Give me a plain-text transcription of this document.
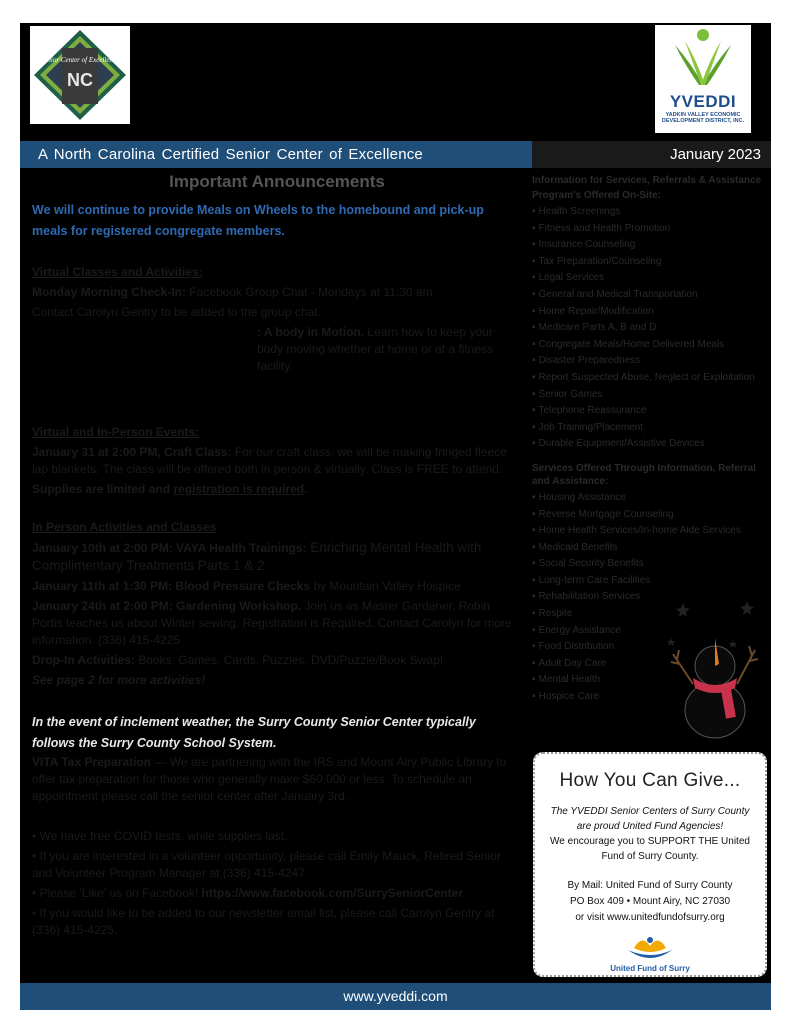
NC
Senior Center of Excellence
YVEDDI
YADKIN VALLEY ECONOMIC DEVELOPMENT DISTRICT, INC.
A North Carolina Certified Senior Center of Excellence	January 2023
Important Announcements
We will continue to provide Meals on Wheels to the homebound and pick-up meals for registered congregate members.
Virtual Classes and Activities:
Monday Morning Check-In: Facebook Group Chat - Mondays at 11:30 am
Contact Carolyn Gentry to be added to the group chat.
: A body in Motion. Learn how to keep your body moving whether at home or at a fitness facility.
Virtual and In-Person Events:
January 31 at 2:00 PM, Craft Class: For our craft class, we will be making fringed fleece lap blankets. The class will be offered both in person & virtually. Class is FREE to attend.
Supplies are limited and registration is required.
In Person Activities and Classes
January 10th at 2:00 PM: VAYA Health Trainings: Enriching Mental Health with Complimentary Treatments Parts 1 & 2
January 11th at 1:30 PM: Blood Pressure Checks by Mountain Valley Hospice
January 24th at 2:00 PM: Gardening Workshop. Join us as Master Gardener, Robin Portis teaches us about Winter sewing. Registration is Required. Contact Carolyn for more information. (336) 415-4225
Drop-In Activities: Books, Games, Cards, Puzzles, DVD/Puzzle/Book Swap!
See page 2 for more activities!
In the event of inclement weather, the Surry County Senior Center typically follows the Surry County School System.
VITA Tax Preparation — We are partnering with the IRS and Mount Airy Public Library to offer tax preparation for those who generally make $60,000 or less. To schedule an appointment please call the senior center after January 3rd.
• We have free COVID tests, while supplies last.
• If you are interested in a volunteer opportunity, please call Emily Mauck, Retired Senior and Volunteer Program Manager at (336) 415-4247.
• Please 'Like' us on Facebook! https://www.facebook.com/SurrySeniorCenter
• If you would like to be added to our newsletter email list, please call Carolyn Gentry at (336) 415-4225.
Information for Services, Referrals & Assistance
Program's Offered On-Site:
▪ Health Screenings
▪ Fitness and Health Promotion
▪ Insurance Counseling
▪ Tax Preparation/Counseling
▪ Legal Services
▪ General and Medical Transportation
▪ Home Repair/Modification
▪ Medicare Parts A, B and D
▪ Congregate Meals/Home Delivered Meals
▪ Disaster Preparedness
▪ Report Suspected Abuse, Neglect or Exploitation
▪ Senior Games
▪ Telephone Reassurance
▪ Job Training/Placement
▪ Durable Equipment/Assistive Devices
Services Offered Through Information, Referral and Assistance:
▪ Housing Assistance
▪ Reverse Mortgage Counseling
▪ Home Health Services/In-home Aide Services
▪ Medicaid Benefits
▪ Social Security Benefits
▪ Long-term Care Facilities
▪ Rehabilitation Services
▪ Respite
▪ Energy Assistance
▪ Food Distribution
▪ Adult Day Care
▪ Mental Health
▪ Hospice Care
How You Can Give...
The YVEDDI Senior Centers of Surry County are proud United Fund Agencies!
We encourage you to SUPPORT THE United Fund of Surry County.
By Mail: United Fund of Surry County
PO Box 409 • Mount Airy, NC 27030
or visit www.unitedfundofsurry.org
United Fund of Surry
www.yveddi.com
